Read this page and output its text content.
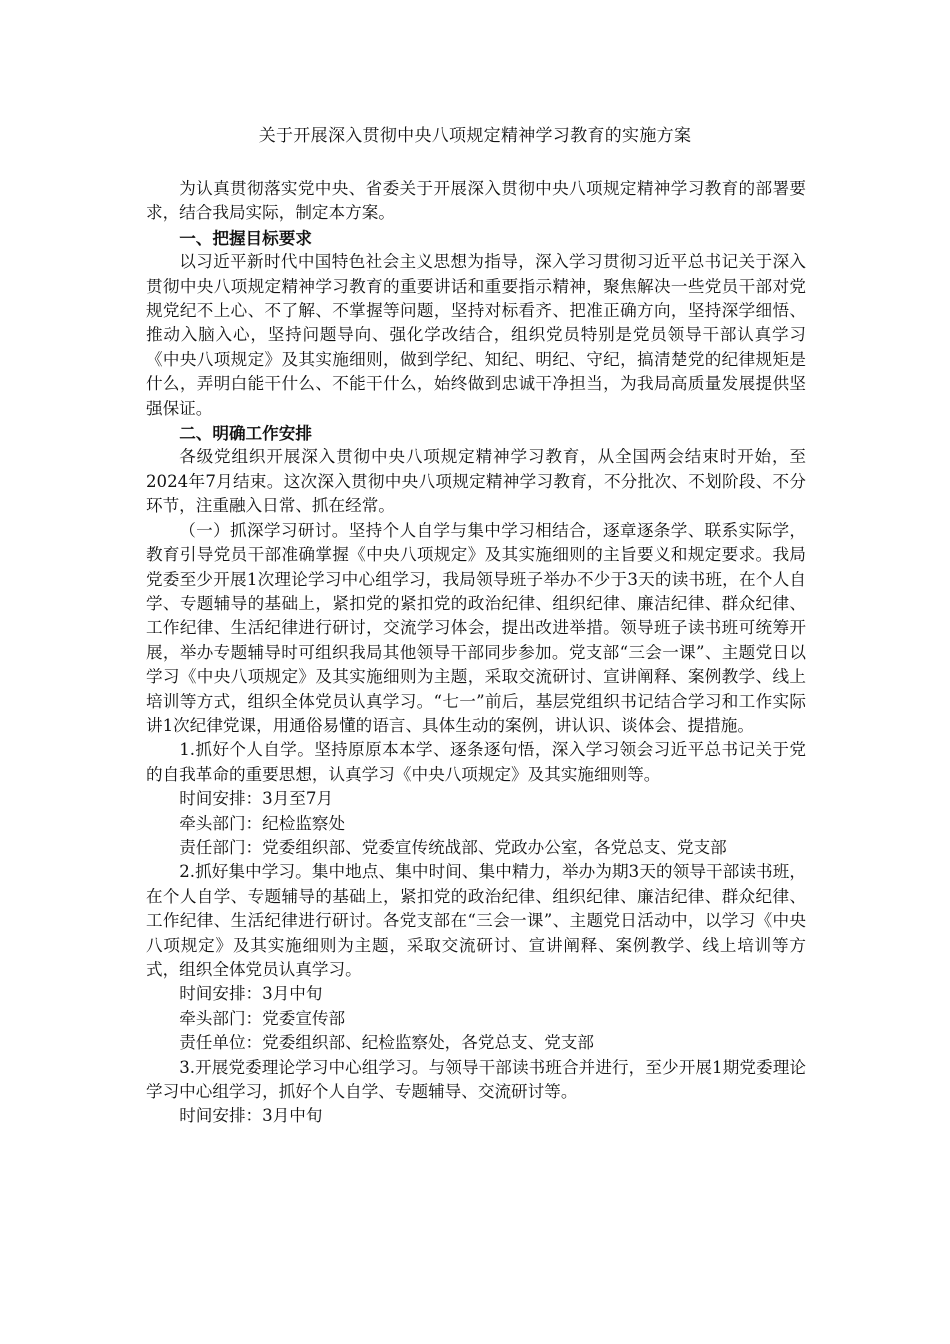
关于开展深入贯彻中央八项规定精神学习教育的实施方案

为认真贯彻落实党中央、省委关于开展深入贯彻中央八项规定精神学习教育的部署要求，结合我局实际，制定本方案。

一、把握目标要求

以习近平新时代中国特色社会主义思想为指导，深入学习贯彻习近平总书记关于深入贯彻中央八项规定精神学习教育的重要讲话和重要指示精神，聚焦解决一些党员干部对党规党纪不上心、不了解、不掌握等问题，坚持对标看齐、把准正确方向，坚持深学细悟、推动入脑入心，坚持问题导向、强化学改结合，组织党员特别是党员领导干部认真学习《中央八项规定》及其实施细则，做到学纪、知纪、明纪、守纪，搞清楚党的纪律规矩是什么，弄明白能干什么、不能干什么，始终做到忠诚干净担当，为我局高质量发展提供坚强保证。

二、明确工作安排

各级党组织开展深入贯彻中央八项规定精神学习教育，从全国两会结束时开始，至2024年7月结束。这次深入贯彻中央八项规定精神学习教育，不分批次、不划阶段、不分环节，注重融入日常、抓在经常。

（一）抓深学习研讨。坚持个人自学与集中学习相结合，逐章逐条学、联系实际学，教育引导党员干部准确掌握《中央八项规定》及其实施细则的主旨要义和规定要求。我局党委至少开展1次理论学习中心组学习，我局领导班子举办不少于3天的读书班，在个人自学、专题辅导的基础上，紧扣党的紧扣党的政治纪律、组织纪律、廉洁纪律、群众纪律、工作纪律、生活纪律进行研讨，交流学习体会，提出改进举措。领导班子读书班可统筹开展，举办专题辅导时可组织我局其他领导干部同步参加。党支部“三会一课”、主题党日以学习《中央八项规定》及其实施细则为主题，采取交流研讨、宣讲阐释、案例教学、线上培训等方式，组织全体党员认真学习。“七一”前后，基层党组织书记结合学习和工作实际讲1次纪律党课，用通俗易懂的语言、具体生动的案例，讲认识、谈体会、提措施。

1.抓好个人自学。坚持原原本本学、逐条逐句悟，深入学习领会习近平总书记关于党的自我革命的重要思想，认真学习《中央八项规定》及其实施细则等。

时间安排：3月至7月

牵头部门：纪检监察处

责任部门：党委组织部、党委宣传统战部、党政办公室，各党总支、党支部

2.抓好集中学习。集中地点、集中时间、集中精力，举办为期3天的领导干部读书班，在个人自学、专题辅导的基础上，紧扣党的政治纪律、组织纪律、廉洁纪律、群众纪律、工作纪律、生活纪律进行研讨。各党支部在“三会一课”、主题党日活动中，以学习《中央八项规定》及其实施细则为主题，采取交流研讨、宣讲阐释、案例教学、线上培训等方式，组织全体党员认真学习。

时间安排：3月中旬

牵头部门：党委宣传部

责任单位：党委组织部、纪检监察处，各党总支、党支部

3.开展党委理论学习中心组学习。与领导干部读书班合并进行，至少开展1期党委理论学习中心组学习，抓好个人自学、专题辅导、交流研讨等。

时间安排：3月中旬
